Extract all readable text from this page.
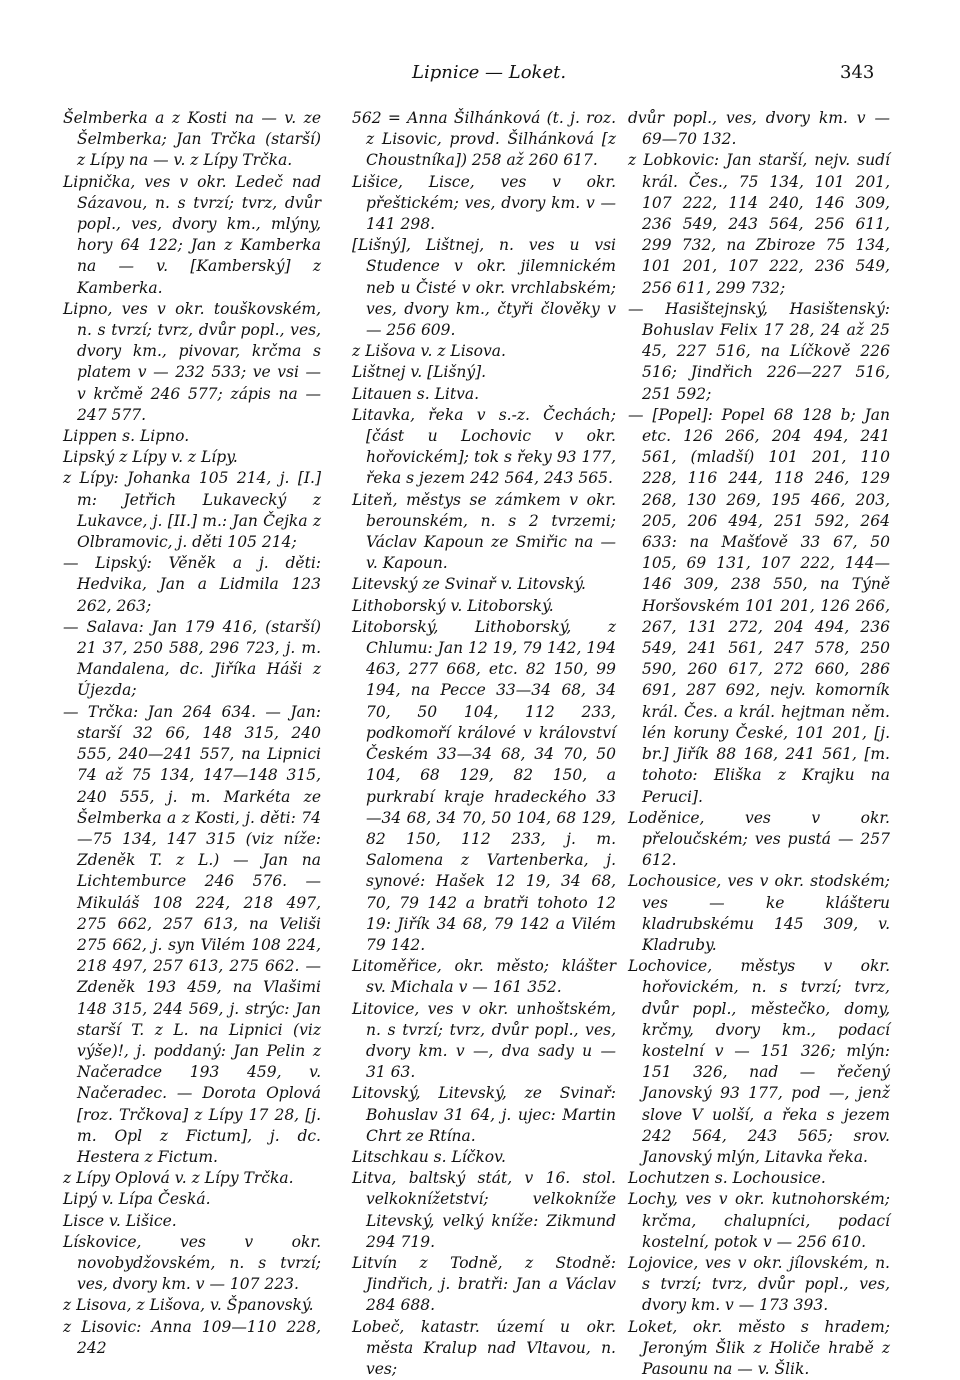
Lipnice — Loket.	343

Šelmberka a z Kosti na — v. ze Šelmberka; Jan Trčka (starší) z Lípy na — v. z Lípy Trčka.

Lipnička, ves v okr. Ledeč nad Sázavou, n. s tvrzí; tvrz, dvůr popl., ves, dvory km., mlýny, hory 64 122; Jan z Kamberka na — v. [Kamberský] z Kamberka.

Lipno, ves v okr. touškovském, n. s tvrzí; tvrz, dvůr popl., ves, dvory km., pivovar, krčma s platem v — 232 533; ve vsi — v krčmě 246 577; zápis na — 247 577.

Lippen s. Lipno.

Lipský z Lípy v. z Lípy.

z Lípy: Johanka 105 214, j. [I.] m: Jetřich Lukavecký z Lukavce, j. [II.] m.: Jan Čejka z Olbramovic, j. děti 105 214;

— Lipský: Věněk a j. děti: Hedvika, Jan a Lidmila 123 262, 263;

— Salava: Jan 179 416, (starší) 21 37, 250 588, 296 723, j. m. Mandalena, dc. Jiříka Háši z Újezda;

— Trčka: Jan 264 634. — Jan: starší 32 66, 148 315, 240 555, 240—241 557, na Lipnici 74 až 75 134, 147—148 315, 240 555, j. m. Markéta ze Šelmberka a z Kosti, j. děti: 74—75 134, 147 315 (viz níže: Zdeněk T. z L.) — Jan na Lichtemburce 246 576. — Mikuláš 108 224, 218 497, 275 662, 257 613, na Veliši 275 662, j. syn Vilém 108 224, 218 497, 257 613, 275 662. — Zdeněk 193 459, na Vlašimi 148 315, 244 569, j. strýc: Jan starší T. z L. na Lipnici (viz výše)!, j. poddaný: Jan Pelin z Načeradce 193 459, v. Načeradec. — Dorota Oplová [roz. Trčkova] z Lípy 17 28, [j. m. Opl z Fictum], j. dc. Hestera z Fictum.

z Lípy Oplová v. z Lípy Trčka.

Lipý v. Lípa Česká.

Lisce v. Lišice.

Lískovice, ves v okr. novobydžovském, n. s tvrzí; ves, dvory km. v — 107 223.

z Lisova, z Lišova, v. Španovský.

z Lisovic: Anna 109—110 228, 242

562 = Anna Šilhánková (t. j. roz. z Lisovic, provd. Šilhánková [z Choustníka]) 258 až 260 617.

Lišice, Lisce, ves v okr. přeštickém; ves, dvory km. v — 141 298.

[Lišný], Lištnej, n. ves u vsi Studence v okr. jilemnickém neb u Čisté v okr. vrchlabském; ves, dvory km., čtyři člověky v — 256 609.

z Lišova v. z Lisova.

Lištnej v. [Lišný].

Litauen s. Litva.

Litavka, řeka v s.-z. Čechách; [část u Lochovic v okr. hořovickém]; tok s řeky 93 177, řeka s jezem 242 564, 243 565.

Liteň, městys se zámkem v okr. berounském, n. s 2 tvrzemi; Václav Kapoun ze Smiřic na — v. Kapoun.

Litevský ze Svinař v. Litovský.

Lithoborský v. Litoborský.

Litoborský, Lithoborský, z Chlumu: Jan 12 19, 79 142, 194 463, 277 668, etc. 82 150, 99 194, na Pecce 33—34 68, 34 70, 50 104, 112 233, podkomoří králové v království Českém 33—34 68, 34 70, 50 104, 68 129, 82 150, a purkrabí kraje hradeckého 33—34 68, 34 70, 50 104, 68 129, 82 150, 112 233, j. m. Salomena z Vartenberka, j. synové: Hašek 12 19, 34 68, 70, 79 142 a bratři tohoto 12 19: Jiřík 34 68, 79 142 a Vilém 79 142.

Litoměřice, okr. město; klášter sv. Michala v — 161 352.

Litovice, ves v okr. unhoštském, n. s tvrzí; tvrz, dvůr popl., ves, dvory km. v —, dva sady u — 31 63.

Litovský, Litevský, ze Svinař: Bohuslav 31 64, j. ujec: Martin Chrt ze Rtína.

Litschkau s. Líčkov.

Litva, baltský stát, v 16. stol. velkoknížetství; velkokníže Litevský, velký kníže: Zikmund 294 719.

Litvín z Todně, z Stodně: Jindřich, j. bratři: Jan a Václav 284 688.

Lobeč, katastr. území u okr. města Kralup nad Vltavou, n. ves;

dvůr popl., ves, dvory km. v — 69—70 132.

z Lobkovic: Jan starší, nejv. sudí král. Čes., 75 134, 101 201, 107 222, 114 240, 146 309, 236 549, 243 564, 256 611, 299 732, na Zbiroze 75 134, 101 201, 107 222, 236 549, 256 611, 299 732;

— Hasištejnský, Hasištenský: Bohuslav Felix 17 28, 24 až 25 45, 227 516, na Líčkově 226 516; Jindřich 226—227 516, 251 592;

— [Popel]: Popel 68 128 b; Jan etc. 126 266, 204 494, 241 561, (mladší) 101 201, 110 228, 116 244, 118 246, 129 268, 130 269, 195 466, 203, 205, 206 494, 251 592, 264 633: na Mašťově 33 67, 50 105, 69 131, 107 222, 144—146 309, 238 550, na Týně Horšovském 101 201, 126 266, 267, 131 272, 204 494, 236 549, 241 561, 247 578, 250 590, 260 617, 272 660, 286 691, 287 692, nejv. komorník král. Čes. a král. hejtman něm. lén koruny České, 101 201, [j. br.] Jiřík 88 168, 241 561, [m. tohoto: Eliška z Krajku na Peruci].

Loděnice, ves v okr. přeloučském; ves pustá — 257 612.

Lochousice, ves v okr. stodském; ves — ke klášteru kladrubskému 145 309, v. Kladruby.

Lochovice, městys v okr. hořovickém, n. s tvrzí; tvrz, dvůr popl., městečko, domy, krčmy, dvory km., podací kostelní v — 151 326; mlýn: 151 326, nad — řečený Janovský 93 177, pod —, jenž slove V uolší, a řeka s jezem 242 564, 243 565; srov. Janovský mlýn, Litavka řeka.

Lochutzen s. Lochousice.

Lochy, ves v okr. kutnohorském; krčma, chalupníci, podací kostelní, potok v — 256 610.

Lojovice, ves v okr. jílovském, n. s tvrzí; tvrz, dvůr popl., ves, dvory km. v — 173 393.

Loket, okr. město s hradem; Jeroným Šlik z Holiče hrabě z Pasounu na — v. Šlik.
